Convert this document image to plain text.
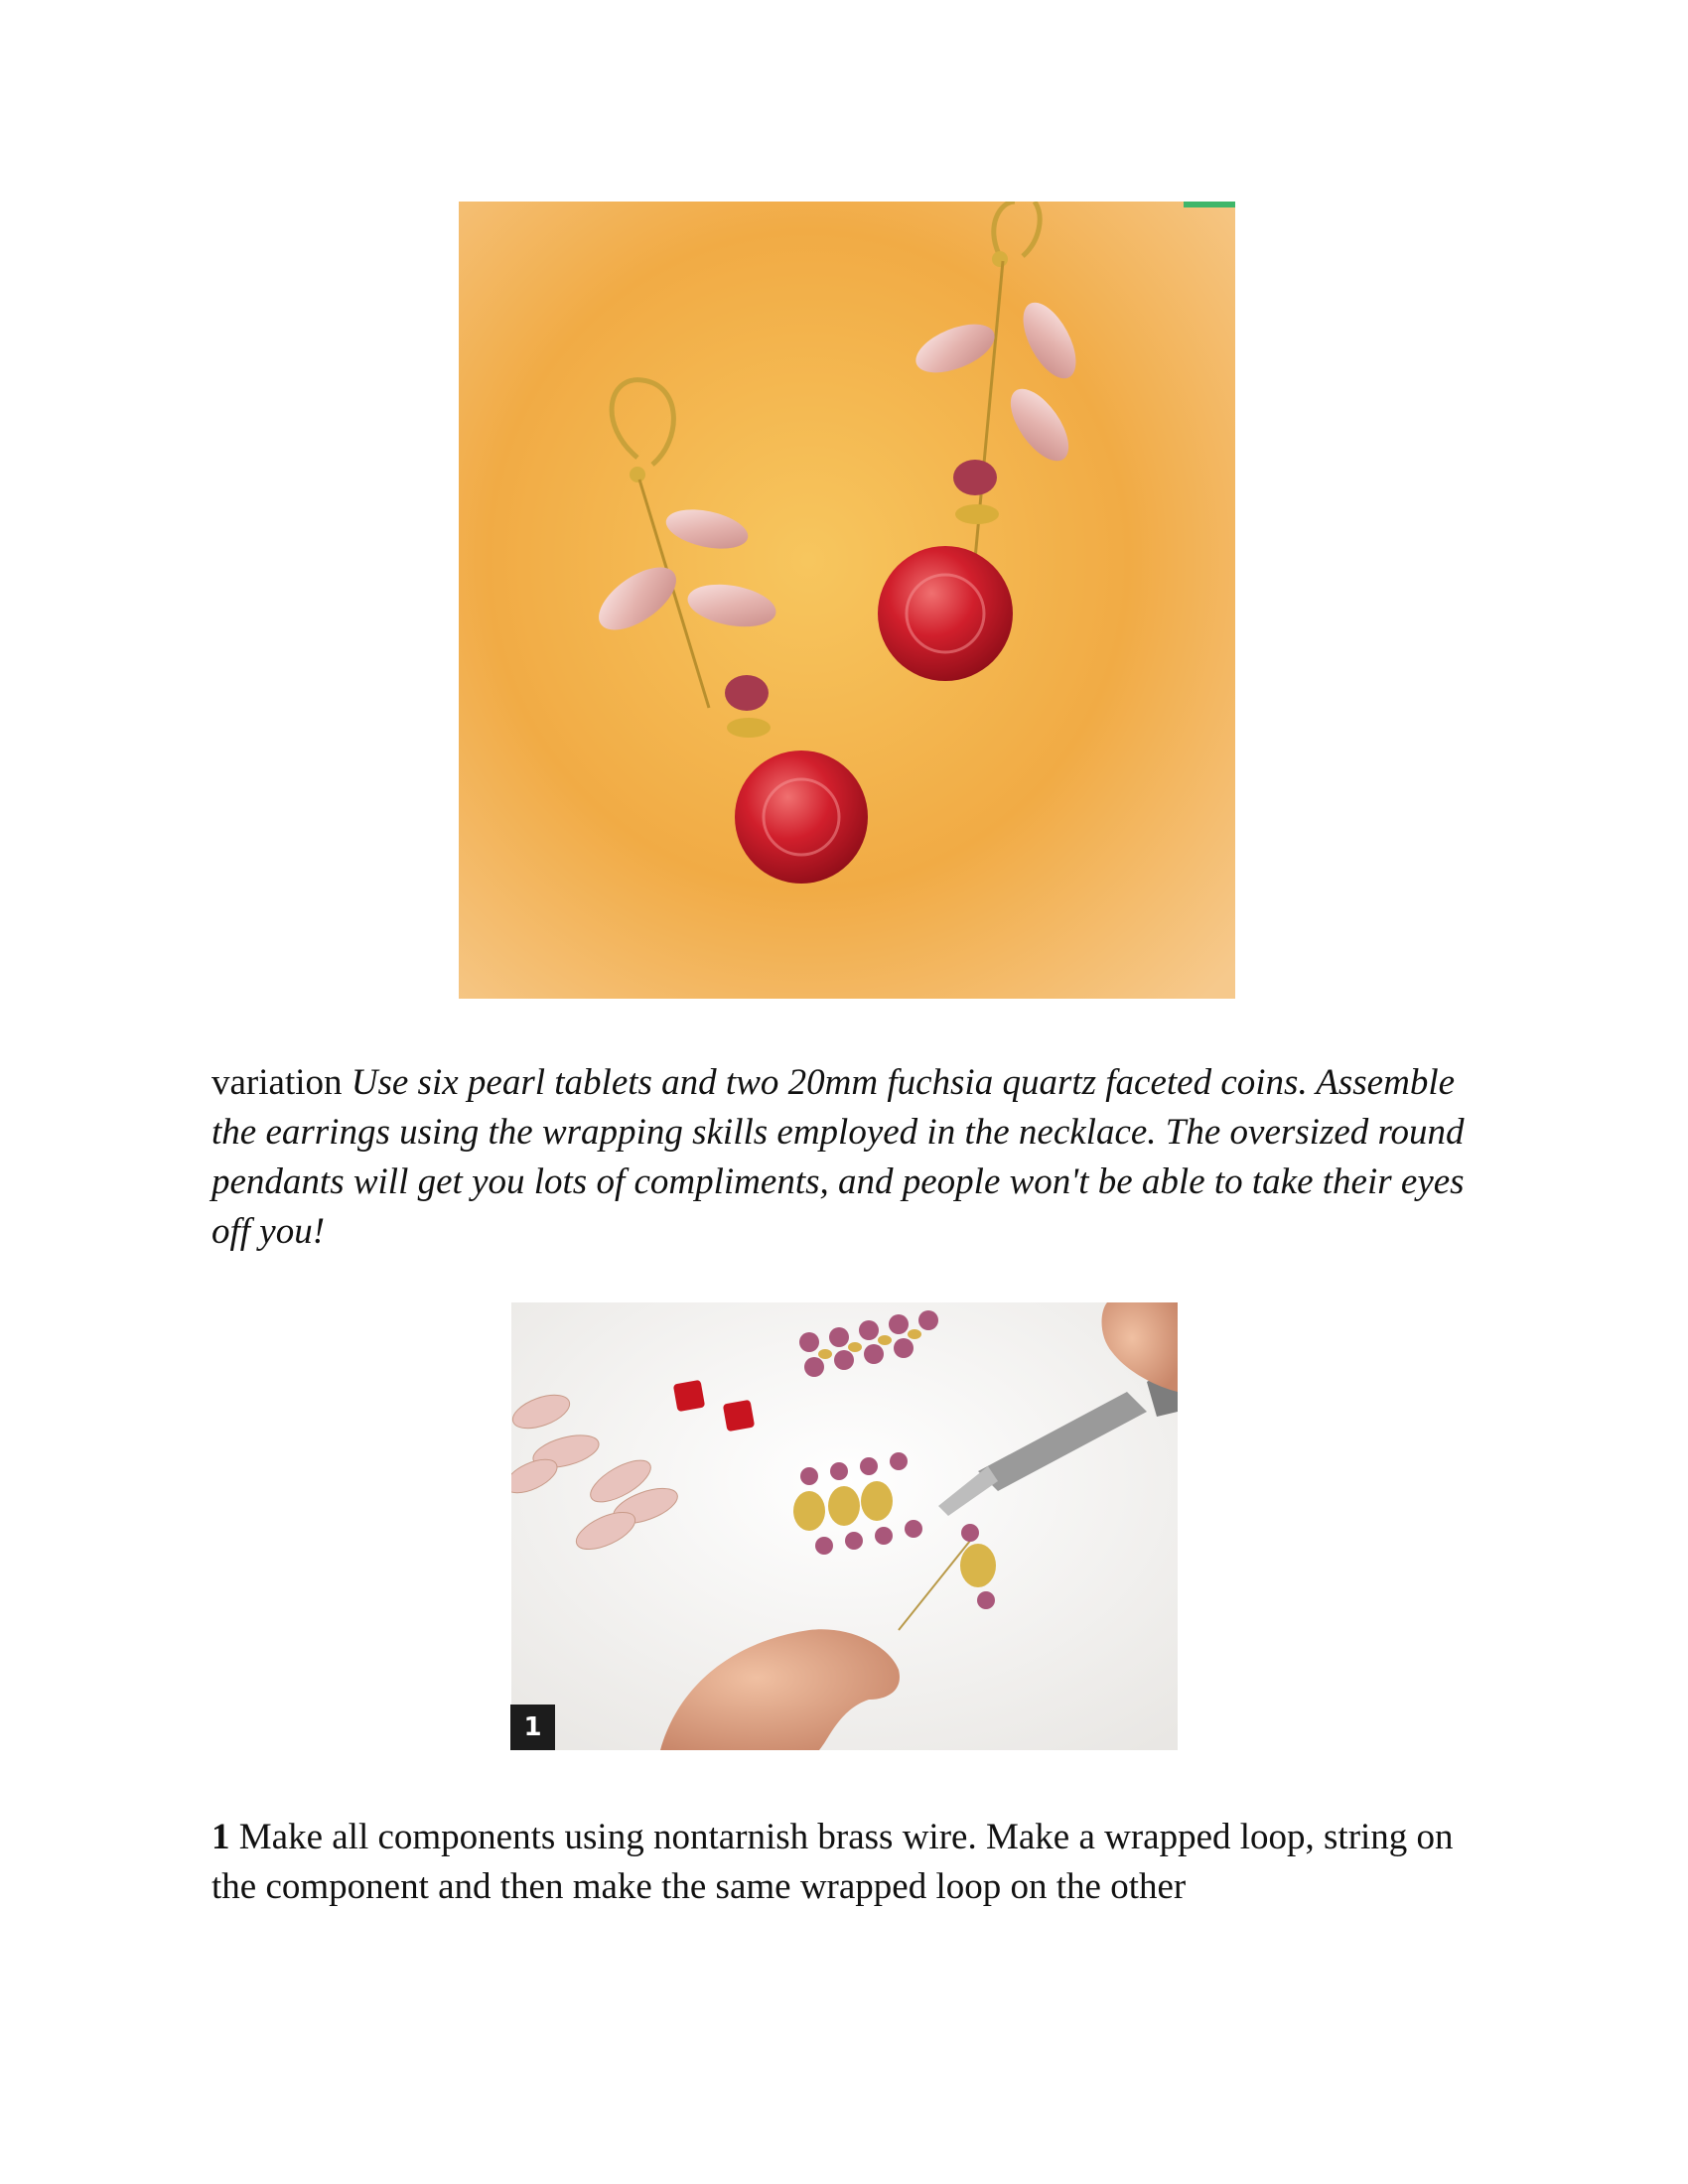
variation Use six pearl tablets and two 20mm fuchsia quartz faceted coins. Assemble the earrings using the wrapping skills employed in the necklace. The oversized round pendants will get you lots of compliments, and people won't be able to take their eyes off you!
1
1 Make all components using nontarnish brass wire. Make a wrapped loop, string on the component and then make the same wrapped loop on the other
